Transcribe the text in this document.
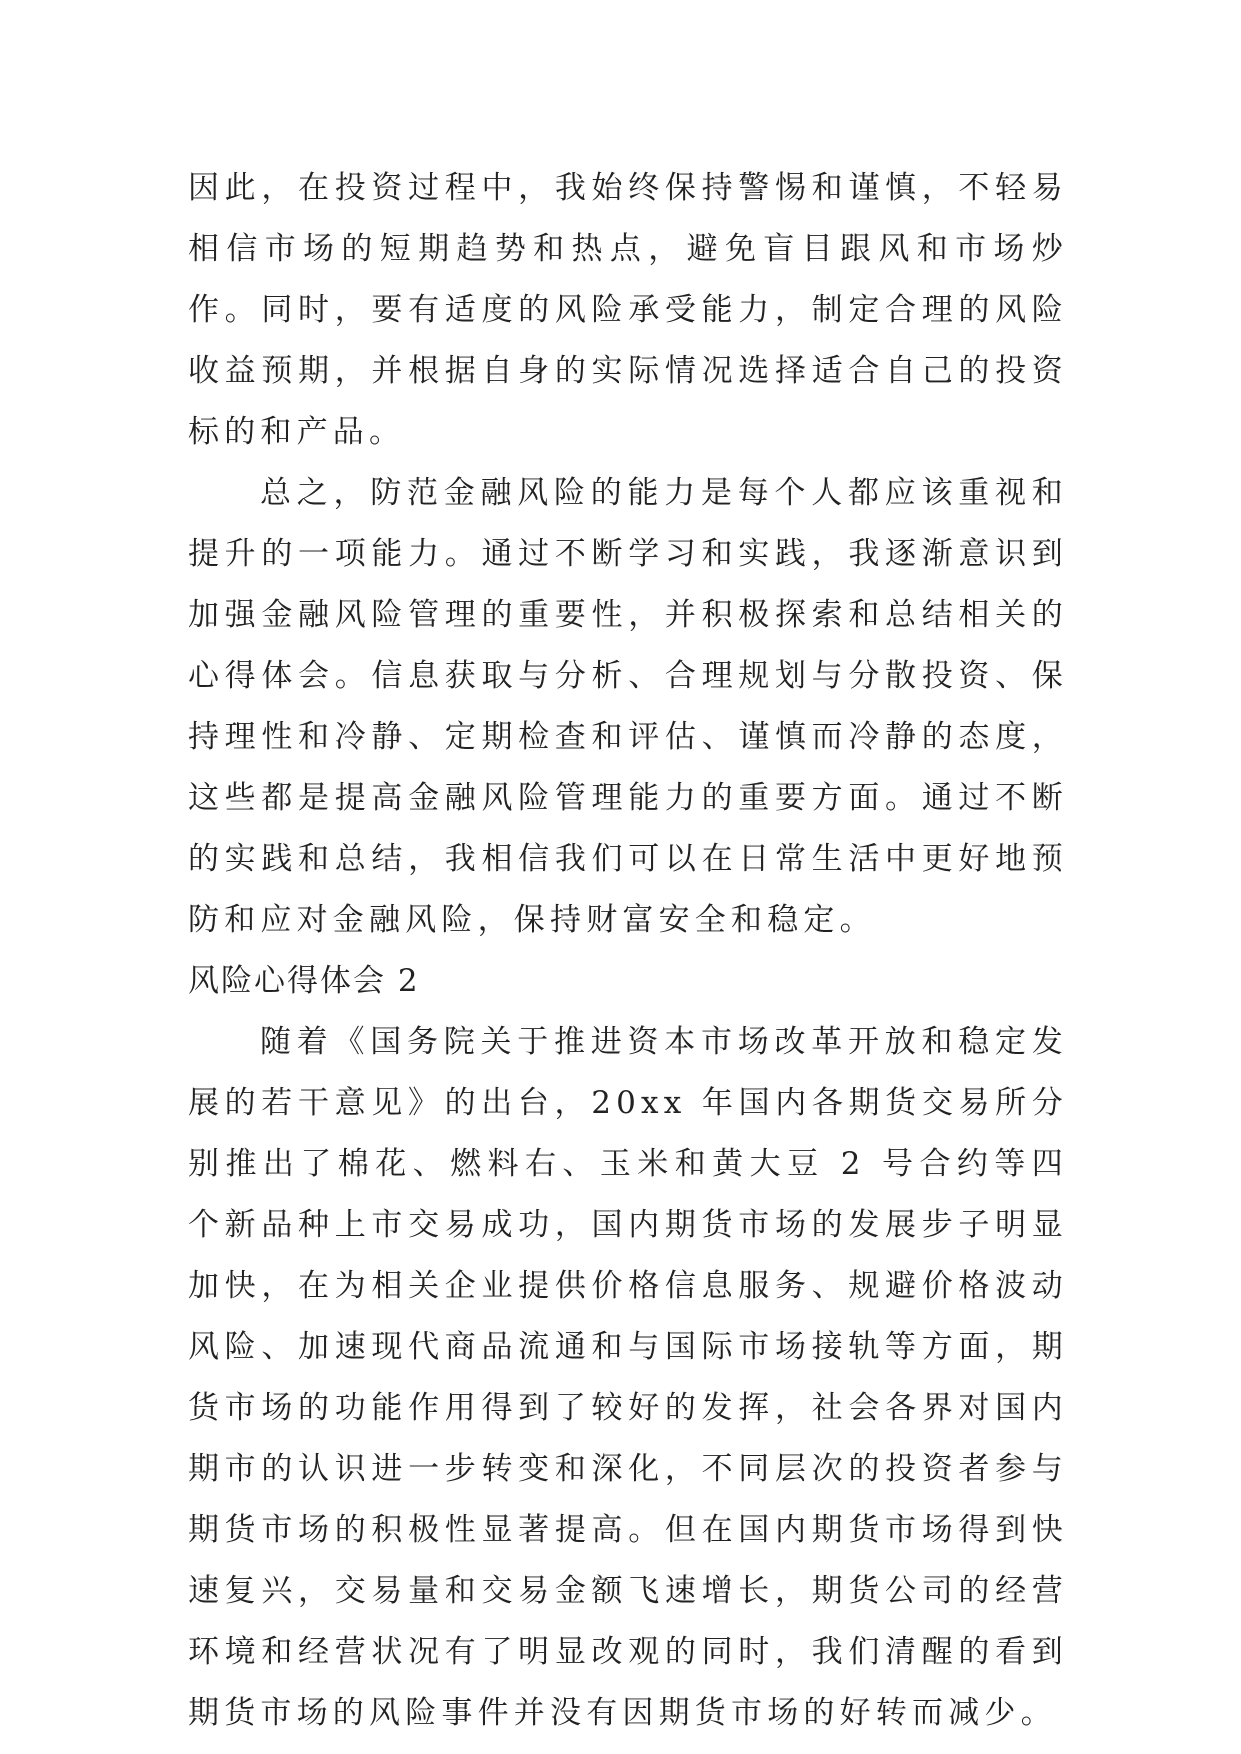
因此，在投资过程中，我始终保持警惕和谨慎，不轻易相信市场的短期趋势和热点，避免盲目跟风和市场炒作。同时，要有适度的风险承受能力，制定合理的风险收益预期，并根据自身的实际情况选择适合自己的投资标的和产品。

总之，防范金融风险的能力是每个人都应该重视和提升的一项能力。通过不断学习和实践，我逐渐意识到加强金融风险管理的重要性，并积极探索和总结相关的心得体会。信息获取与分析、合理规划与分散投资、保持理性和冷静、定期检查和评估、谨慎而冷静的态度，这些都是提高金融风险管理能力的重要方面。通过不断的实践和总结，我相信我们可以在日常生活中更好地预防和应对金融风险，保持财富安全和稳定。

风险心得体会 2

随着《国务院关于推进资本市场改革开放和稳定发展的若干意见》的出台，20xx 年国内各期货交易所分别推出了棉花、燃料右、玉米和黄大豆 2 号合约等四个新品种上市交易成功，国内期货市场的发展步子明显加快，在为相关企业提供价格信息服务、规避价格波动风险、加速现代商品流通和与国际市场接轨等方面，期货市场的功能作用得到了较好的发挥，社会各界对国内期市的认识进一步转变和深化，不同层次的投资者参与期货市场的积极性显著提高。但在国内期货市场得到快速复兴，交易量和交易金额飞速增长，期货公司的经营环境和经营状况有了明显改观的同时，我们清醒的看到期货市场的风险事件并没有因期货市场的好转而减少。
